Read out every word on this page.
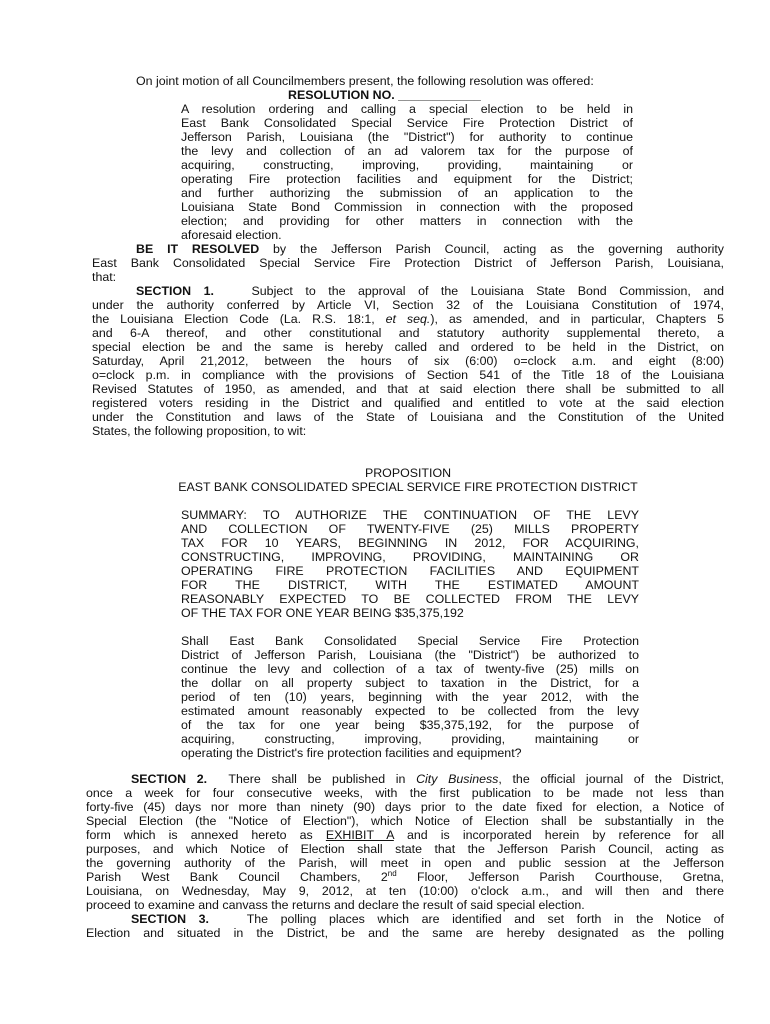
On joint motion of all Councilmembers present, the following resolution was offered:
RESOLUTION NO. ____________
A resolution ordering and calling a special election to be held in
East Bank Consolidated Special Service Fire Protection District of
Jefferson Parish, Louisiana (the "District") for authority to continue
the levy and collection of an ad valorem tax for the purpose of
acquiring, constructing, improving, providing, maintaining or
operating Fire protection facilities and equipment for the District;
and further authorizing the submission of an application to the
Louisiana State Bond Commission in connection with the proposed
election; and providing for other matters in connection with the
aforesaid election.
BE IT RESOLVED by the Jefferson Parish Council, acting as the governing authority
East Bank Consolidated Special Service Fire Protection District of Jefferson Parish, Louisiana,
that:
SECTION 1.	Subject to the approval of the Louisiana State Bond Commission, and
under the authority conferred by Article VI, Section 32 of the Louisiana Constitution of 1974,
the Louisiana Election Code (La. R.S. 18:1, et seq.), as amended, and in particular, Chapters 5
and 6-A thereof, and other constitutional and statutory authority supplemental thereto, a
special election be and the same is hereby called and ordered to be held in the District, on
Saturday, April 21,2012, between the hours of six (6:00) o=clock a.m. and eight (8:00)
o=clock p.m. in compliance with the provisions of Section 541 of the Title 18 of the Louisiana
Revised Statutes of 1950, as amended, and that at said election there shall be submitted to all
registered voters residing in the District and qualified and entitled to vote at the said election
under the Constitution and laws of the State of Louisiana and the Constitution of the United
States, the following proposition, to wit:
PROPOSITION
EAST BANK CONSOLIDATED SPECIAL SERVICE FIRE PROTECTION DISTRICT
SUMMARY: TO AUTHORIZE THE CONTINUATION OF THE LEVY
AND COLLECTION OF TWENTY-FIVE (25) MILLS PROPERTY
TAX FOR 10 YEARS, BEGINNING IN 2012, FOR ACQUIRING,
CONSTRUCTING, IMPROVING, PROVIDING, MAINTAINING OR
OPERATING FIRE PROTECTION FACILITIES AND EQUIPMENT
FOR THE DISTRICT, WITH THE ESTIMATED AMOUNT
REASONABLY EXPECTED TO BE COLLECTED FROM THE LEVY
OF THE TAX FOR ONE YEAR BEING $35,375,192
Shall East Bank Consolidated Special Service Fire Protection
District of Jefferson Parish, Louisiana (the "District") be authorized to
continue the levy and collection of a tax of twenty-five (25) mills on
the dollar on all property subject to taxation in the District, for a
period of ten (10) years, beginning with the year 2012, with the
estimated amount reasonably expected to be collected from the levy
of the tax for one year being $35,375,192, for the purpose of
acquiring, constructing, improving, providing, maintaining or
operating the District's fire protection facilities and equipment?
SECTION 2. There shall be published in City Business, the official journal of the District,
once a week for four consecutive weeks, with the first publication to be made not less than
forty-five (45) days nor more than ninety (90) days prior to the date fixed for election, a Notice of
Special Election (the "Notice of Election"), which Notice of Election shall be substantially in the
form which is annexed hereto as EXHIBIT A and is incorporated herein by reference for all
purposes, and which Notice of Election shall state that the Jefferson Parish Council, acting as
the governing authority of the Parish, will meet in open and public session at the Jefferson
Parish West Bank Council Chambers, 2nd Floor, Jefferson Parish Courthouse, Gretna,
Louisiana, on Wednesday, May 9, 2012, at ten (10:00) o'clock a.m., and will then and there
proceed to examine and canvass the returns and declare the result of said special election.
SECTION 3.	The polling places which are identified and set forth in the Notice of
Election and situated in the District, be and the same are hereby designated as the polling
